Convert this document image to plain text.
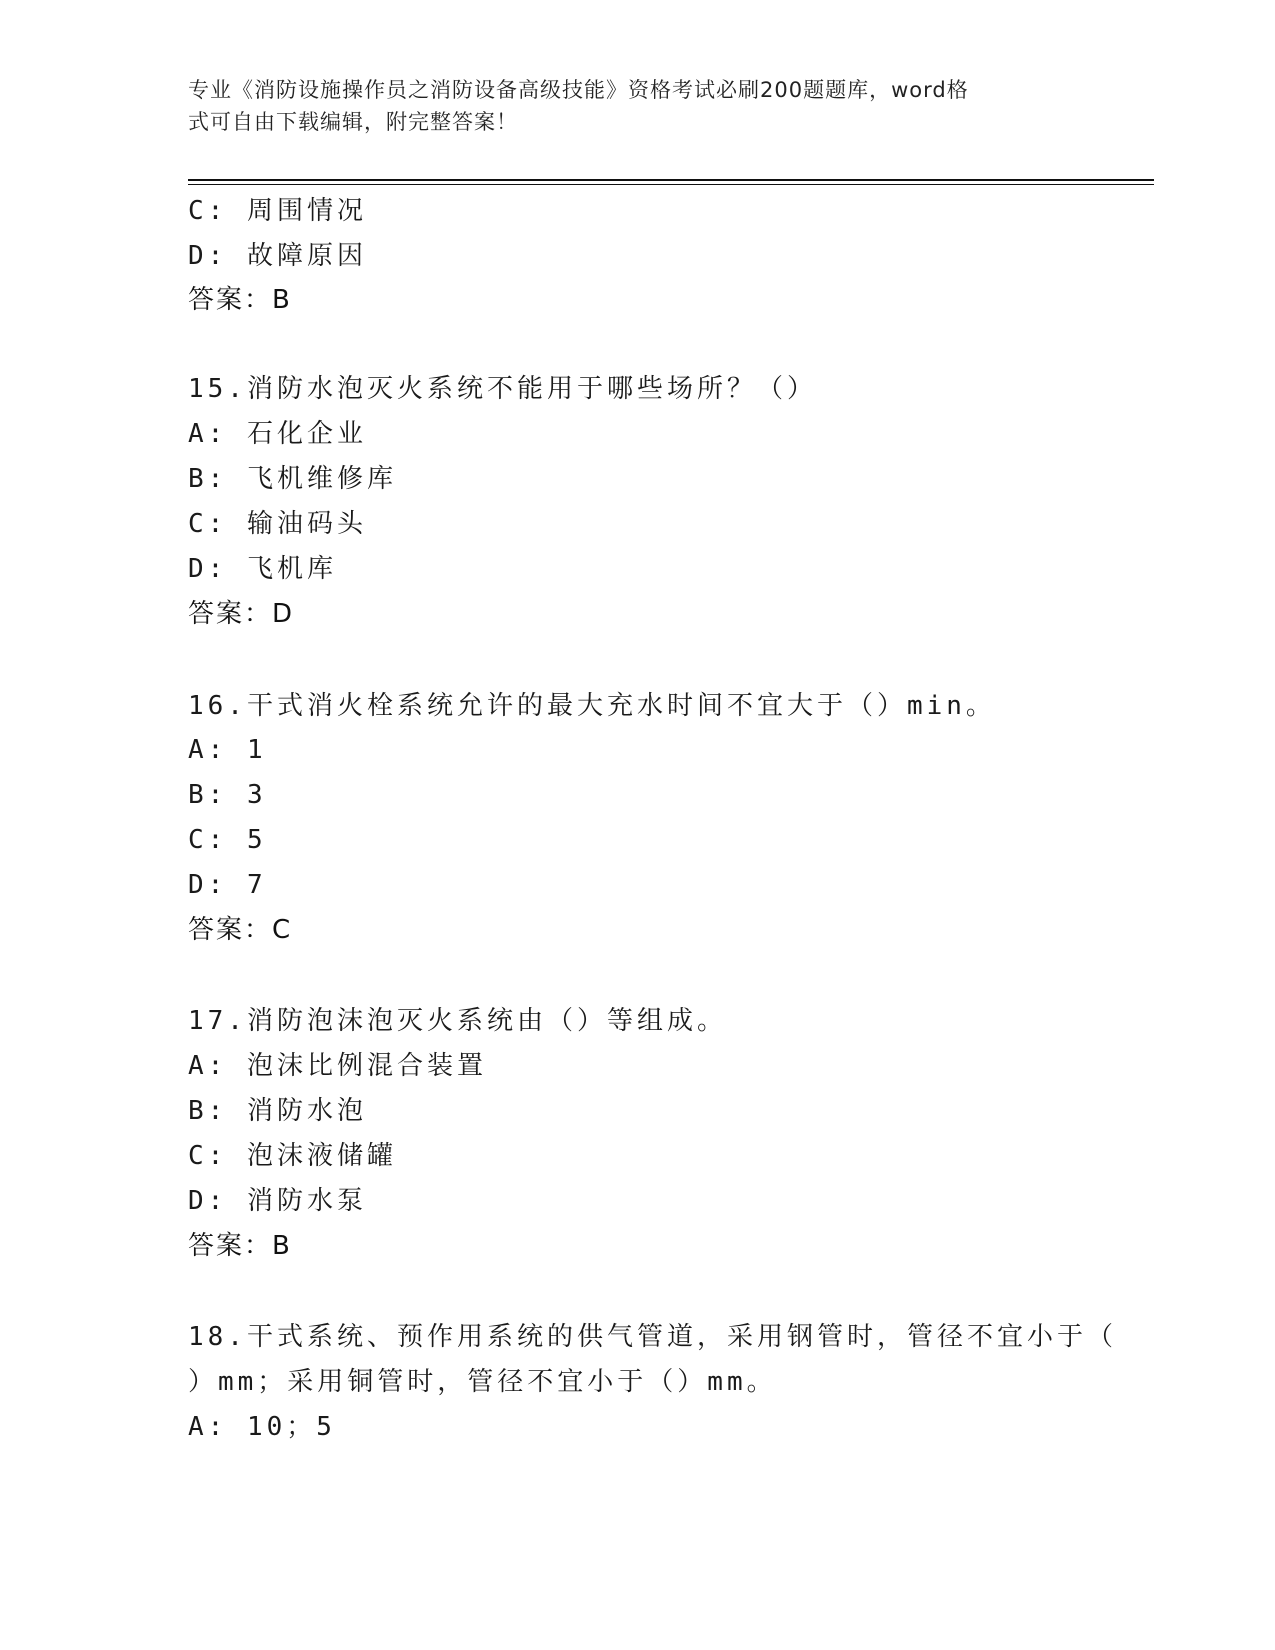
专业《消防设施操作员之消防设备高级技能》资格考试必刷200题题库，word格
式可自由下载编辑，附完整答案！
C: 周围情况
D: 故障原因
答案：B
15.消防水泡灭火系统不能用于哪些场所？（）
A: 石化企业
B: 飞机维修库
C: 输油码头
D: 飞机库
答案：D
16.干式消火栓系统允许的最大充水时间不宜大于（）min。
A: 1
B: 3
C: 5
D: 7
答案：C
17.消防泡沫泡灭火系统由（）等组成。
A: 泡沫比例混合装置
B: 消防水泡
C: 泡沫液储罐
D: 消防水泵
答案：B
18.干式系统、预作用系统的供气管道，采用钢管时，管径不宜小于（
）mm；采用铜管时，管径不宜小于（）mm。
A: 10；5
